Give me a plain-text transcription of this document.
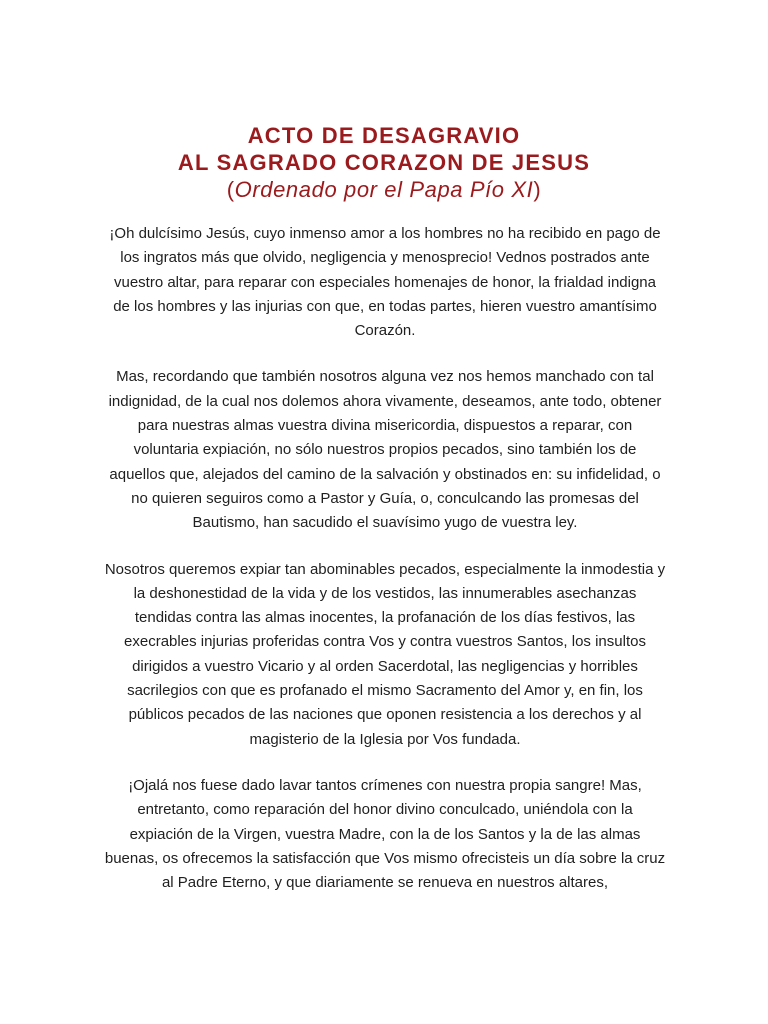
ACTO DE DESAGRAVIO
AL SAGRADO CORAZON DE JESUS
(Ordenado por el Papa Pío XI)

¡Oh dulcísimo Jesús, cuyo inmenso amor a los hombres no ha recibido en pago de los ingratos más que olvido, negligencia y menosprecio! Vednos postrados ante vuestro altar, para reparar con especiales homenajes de honor, la frialdad indigna de los hombres y las injurias con que, en todas partes, hieren vuestro amantísimo Corazón.

Mas, recordando que también nosotros alguna vez nos hemos manchado con tal indignidad, de la cual nos dolemos ahora vivamente, deseamos, ante todo, obtener para nuestras almas vuestra divina misericordia, dispuestos a reparar, con voluntaria expiación, no sólo nuestros propios pecados, sino también los de aquellos que, alejados del camino de la salvación y obstinados en: su infidelidad, o no quieren seguiros como a Pastor y Guía, o, conculcando las promesas del Bautismo, han sacudido el suavísimo yugo de vuestra ley.

Nosotros queremos expiar tan abominables pecados, especialmente la inmodestia y la deshonestidad de la vida y de los vestidos, las innumerables asechanzas tendidas contra las almas inocentes, la profanación de los días festivos, las execrables injurias proferidas contra Vos y contra vuestros Santos, los insultos dirigidos a vuestro Vicario y al orden Sacerdotal, las negligencias y horribles sacrilegios con que es profanado el mismo Sacramento del Amor y, en fin, los públicos pecados de las naciones que oponen resistencia a los derechos y al magisterio de la Iglesia por Vos fundada.

¡Ojalá nos fuese dado lavar tantos crímenes con nuestra propia sangre! Mas, entretanto, como reparación del honor divino conculcado, uniéndola con la expiación de la Virgen, vuestra Madre, con la de los Santos y la de las almas buenas, os ofrecemos la satisfacción que Vos mismo ofrecisteis un día sobre la cruz al Padre Eterno, y que diariamente se renueva en nuestros altares,
